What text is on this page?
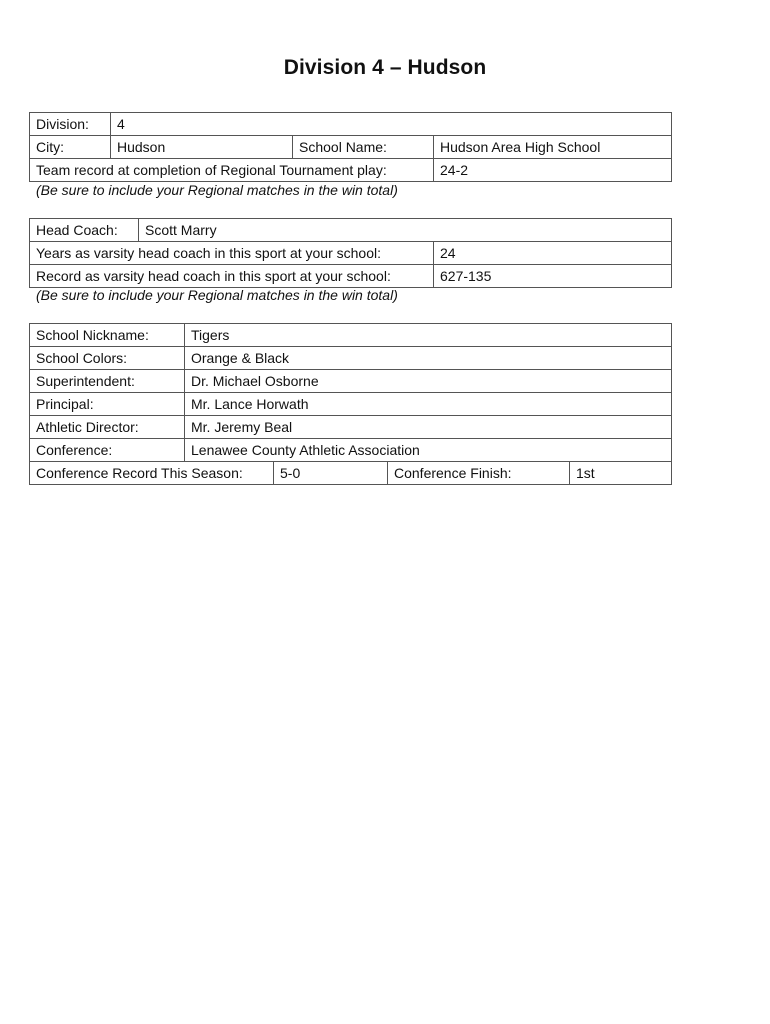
Division 4 – Hudson
Division:	4		
City:	Hudson	School Name:	Hudson Area High School
Team record at completion of Regional Tournament play:			24-2
(Be sure to include your Regional matches in the win total)
Head Coach:	Scott Marry	
Years as varsity head coach in this sport at your school:		24
Record as varsity head coach in this sport at your school:		627-135
(Be sure to include your Regional matches in the win total)
School Nickname:	Tigers			
School Colors:	Orange & Black			
Superintendent:	Dr. Michael Osborne			
Principal:	Mr. Lance Horwath			
Athletic Director:	Mr. Jeremy Beal			
Conference:	Lenawee County Athletic Association			
Conference Record This Season:		5-0	Conference Finish:	1st
